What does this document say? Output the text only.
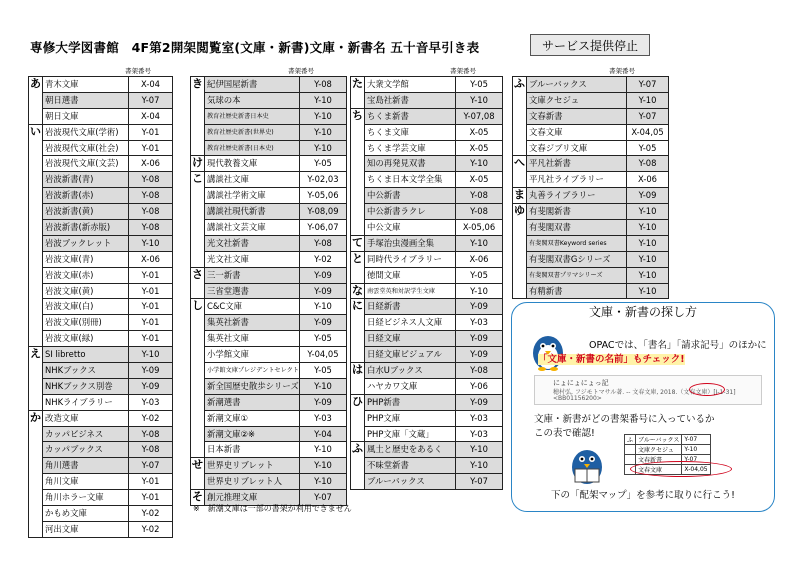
専修大学図書館　4F第2開架閲覧室(文庫・新書)文庫・新書名 五十音早引き表	サービス提供停止
書架番号	書架番号	書架番号	書架番号
あ	青木文庫	X-04
	朝日選書	Y-07
	朝日文庫	X-04
い	岩波現代文庫(学術)	Y-01
	岩波現代文庫(社会)	Y-01
	岩波現代文庫(文芸)	X-06
	岩波新書(青)	Y-08
	岩波新書(赤)	Y-08
	岩波新書(黄)	Y-08
	岩波新書(新赤版)	Y-08
	岩波ブックレット	Y-10
	岩波文庫(青)	X-06
	岩波文庫(赤)	Y-01
	岩波文庫(黄)	Y-01
	岩波文庫(白)	Y-01
	岩波文庫(別冊)	Y-01
	岩波文庫(緑)	Y-01
え	SI libretto	Y-10
	NHKブックス	Y-09
	NHKブックス別巻	Y-09
	NHKライブラリー	Y-03
か	改造文庫	Y-02
	カッパビジネス	Y-08
	カッパブックス	Y-08
	角川選書	Y-07
	角川文庫	Y-01
	角川ホラー文庫	Y-01
	かもめ文庫	Y-02
	河出文庫	Y-02
き	紀伊国屋新書	Y-08
	気球の本	Y-10
	教育社歴史新書日本史	Y-10
	教育社歴史新書(世界史)	Y-10
	教育社歴史新書(日本史)	Y-10
け	現代教養文庫	Y-05
こ	講談社文庫	Y-02,03
	講談社学術文庫	Y-05,06
	講談社現代新書	Y-08,09
	講談社文芸文庫	Y-06,07
	光文社新書	Y-08
	光文社文庫	Y-02
さ	三一新書	Y-09
	三省堂選書	Y-09
し	C&C文庫	Y-10
	集英社新書	Y-09
	集英社文庫	Y-05
	小学館文庫	Y-04,05
	小学館文庫プレジデントセレクト	Y-05
	新全国歴史散歩シリーズ	Y-10
	新潮選書	Y-09
	新潮文庫①	Y-03
	新潮文庫②※	Y-04
	日本新書	Y-10
せ	世界史リブレット	Y-10
	世界史リブレット人	Y-10
そ	創元推理文庫	Y-07
た	大衆文学館	Y-05
	宝島社新書	Y-10
ち	ちくま新書	Y-07,08
	ちくま文庫	X-05
	ちくま学芸文庫	X-05
	知の再発見双書	Y-10
	ちくま日本文学全集	X-05
	中公新書	Y-08
	中公新書ラクレ	Y-08
	中公文庫	X-05,06
て	手塚治虫漫画全集	Y-10
と	同時代ライブラリー	X-06
	徳間文庫	Y-05
な	南雲堂英和対訳学生文庫	Y-10
に	日経新書	Y-09
	日経ビジネス人文庫	Y-03
	日経文庫	Y-09
	日経文庫ビジュアル	Y-09
は	白水Uブックス	Y-08
	ハヤカワ文庫	Y-06
ひ	PHP新書	Y-09
	PHP文庫	Y-03
	PHP文庫「文蔵」	Y-03
ふ	風土と歴史をあるく	Y-10
	不味堂新書	Y-10
	ブルーバックス	Y-07
ふ	ブルーバックス	Y-07
	文庫クセジュ	Y-10
	文春新書	Y-07
	文春文庫	X-04,05
	文春ジブリ文庫	Y-05
へ	平凡社新書	Y-08
	平凡社ライブラリー	X-06
ま	丸善ライブラリー	Y-09
ゆ	有斐閣新書	Y-10
	有斐閣双書	Y-10
	有斐閣双書Keyword series	Y-10
	有斐閣双書Gシリーズ	Y-10
	有斐閣双書プリマシリーズ	Y-10
	有精新書	Y-10
※　新潮文庫は一部の書架が利用できません
文庫・新書の探し方
OPACでは、「書名」「請求記号」のほかに
「文庫・新書の名前」もチェック!
にょにょにょっ記
穂村弘, フジモトマサル著. -- 文春文庫, 2018.（文春文庫）[Ⅰ-1-31]
<BB01156200>
文庫・新書がどの書架番号に入っているか
この表で確認!
ふ	ブルーバックス	Y-07
	文庫クセジュ	Y-10
	文春新書	Y-07
	文春文庫	X-04,05
下の「配架マップ」を参考に取りに行こう!
